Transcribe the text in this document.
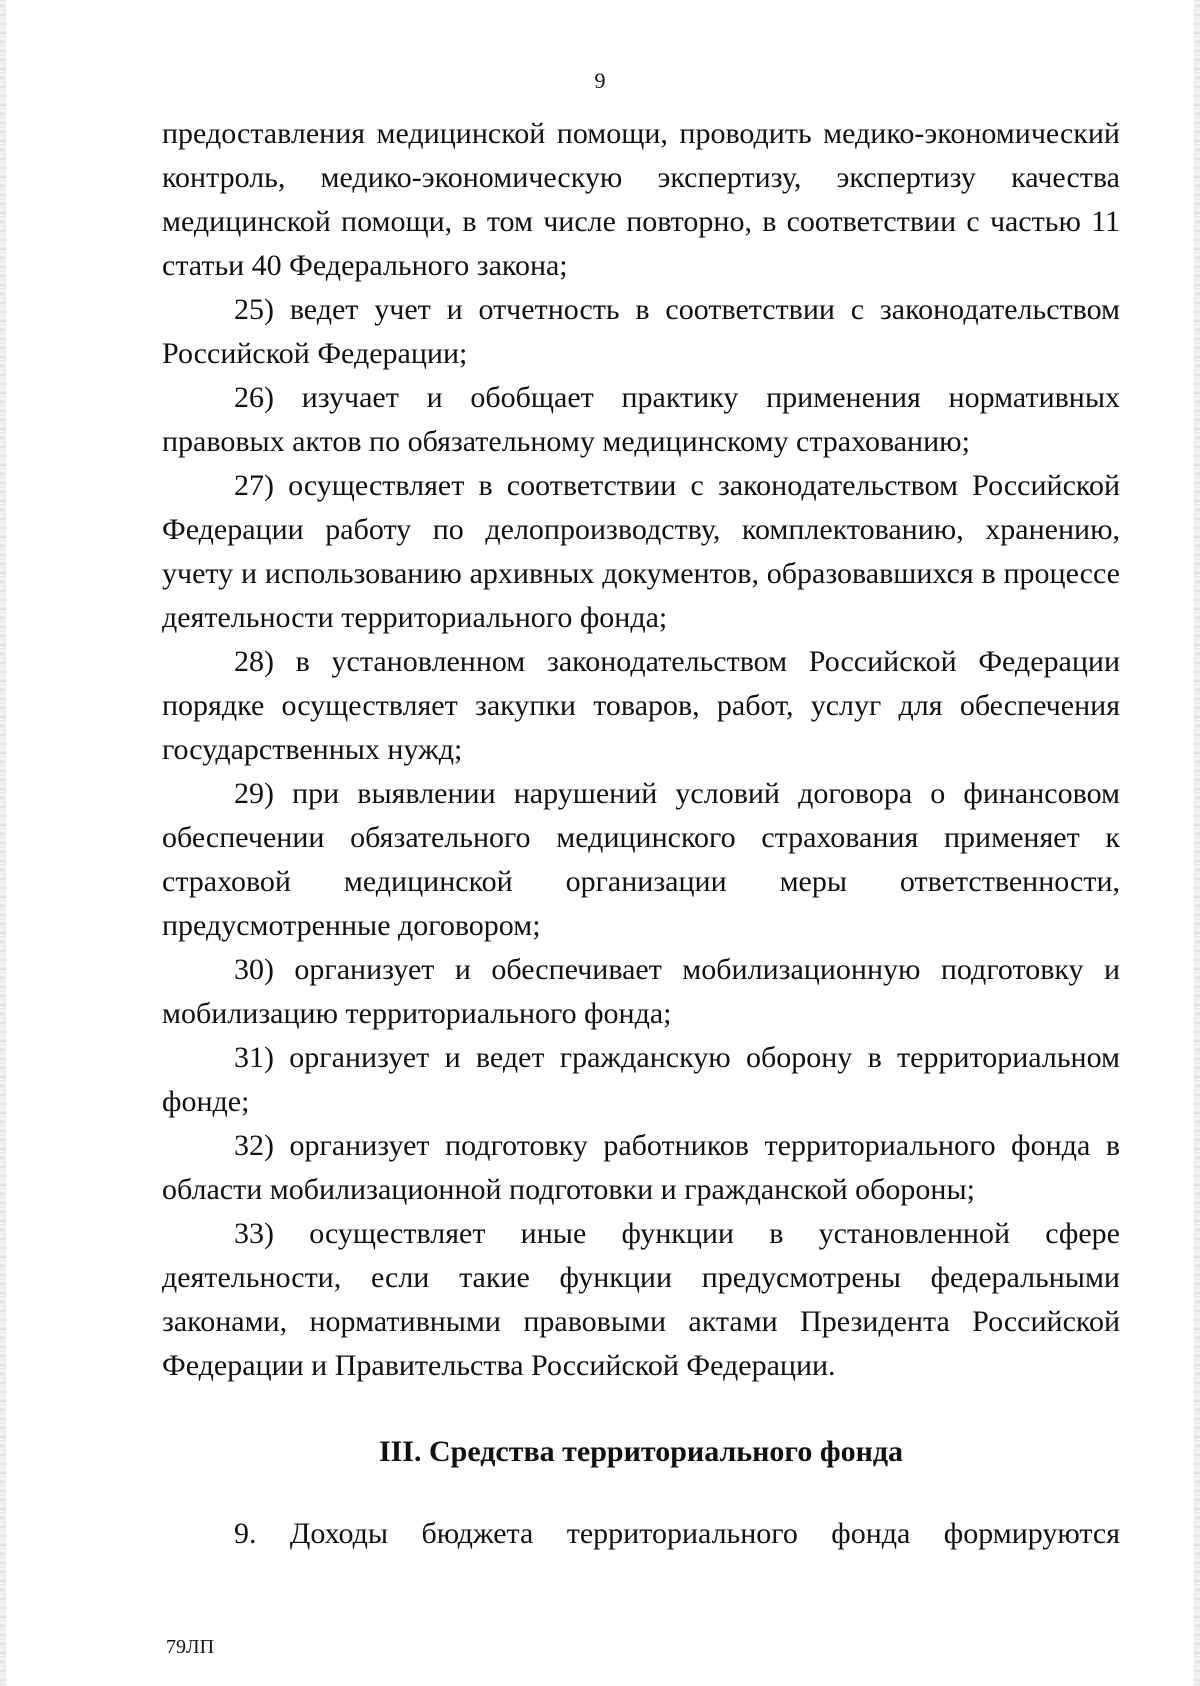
9

предоставления медицинской помощи, проводить медико-экономический контроль, медико-экономическую экспертизу, экспертизу качества медицинской помощи, в том числе повторно, в соответствии с частью 11 статьи 40 Федерального закона;

25) ведет учет и отчетность в соответствии с законодательством Российской Федерации;

26) изучает и обобщает практику применения нормативных правовых актов по обязательному медицинскому страхованию;

27) осуществляет в соответствии с законодательством Российской Федерации работу по делопроизводству, комплектованию, хранению, учету и использованию архивных документов, образовавшихся в процессе деятельности территориального фонда;

28) в установленном законодательством Российской Федерации порядке осуществляет закупки товаров, работ, услуг для обеспечения государственных нужд;

29) при выявлении нарушений условий договора о финансовом обеспечении обязательного медицинского страхования применяет к страховой медицинской организации меры ответственности, предусмотренные договором;

30) организует и обеспечивает мобилизационную подготовку и мобилизацию территориального фонда;

31) организует и ведет гражданскую оборону в территориальном фонде;

32) организует подготовку работников территориального фонда в области мобилизационной подготовки и гражданской обороны;

33) осуществляет иные функции в установленной сфере деятельности, если такие функции предусмотрены федеральными законами, нормативными правовыми актами Президента Российской Федерации и Правительства Российской Федерации.

III. Средства территориального фонда

9. Доходы бюджета территориального фонда формируются

79ЛП
